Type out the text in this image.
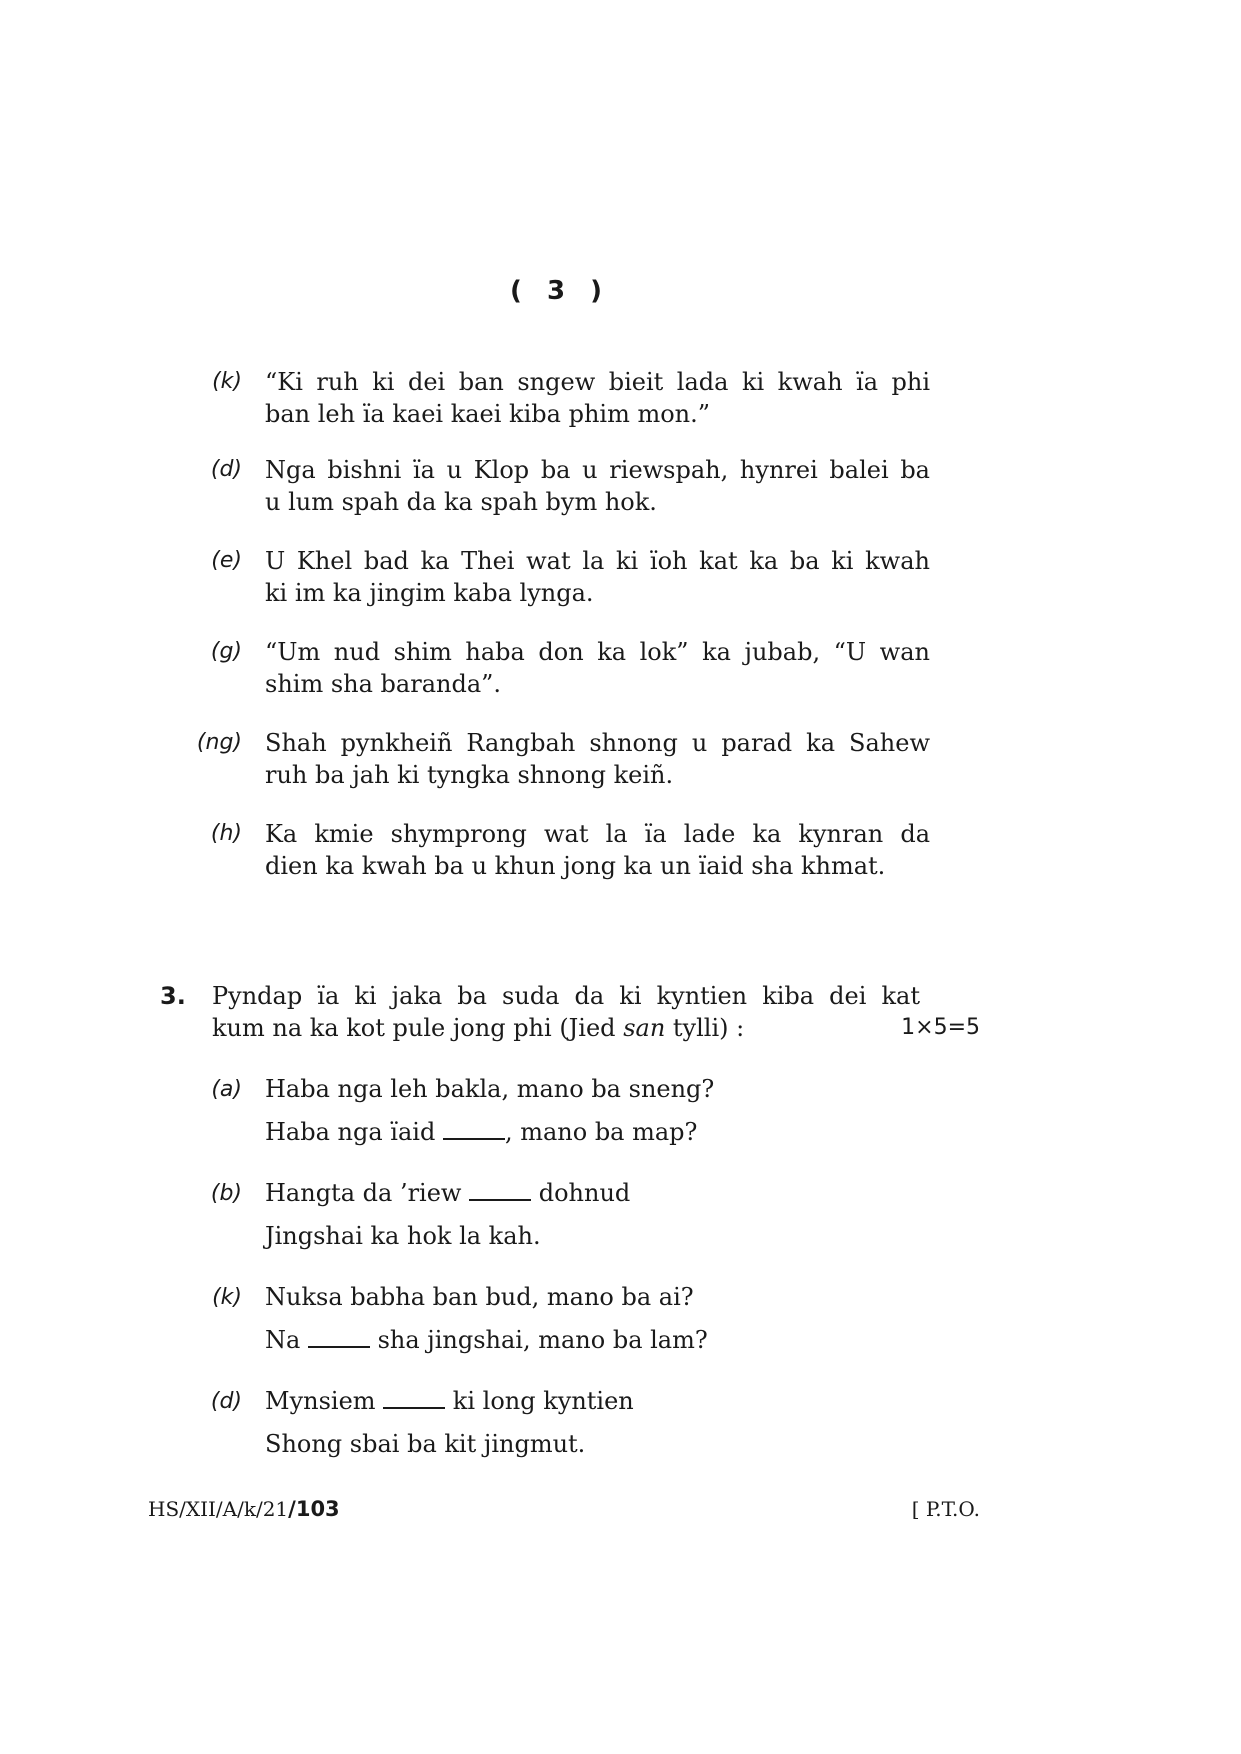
( 3 )
(k) “Ki ruh ki dei ban sngew bieit lada ki kwah ïa phi
ban leh ïa kaei kaei kiba phim mon.”
(d) Nga bishni ïa u Klop ba u riewspah, hynrei balei ba
u lum spah da ka spah bym hok.
(e) U Khel bad ka Thei wat la ki ïoh kat ka ba ki kwah
ki im ka jingim kaba lynga.
(g) “Um nud shim haba don ka lok” ka jubab, “U wan
shim sha baranda”.
(ng) Shah pynkheiñ Rangbah shnong u parad ka Sahew
ruh ba jah ki tyngka shnong keiñ.
(h) Ka kmie shymprong wat la ïa lade ka kynran da
dien ka kwah ba u khun jong ka un ïaid sha khmat.
3. Pyndap ïa ki jaka ba suda da ki kyntien kiba dei kat
kum na ka kot pule jong phi (Jied san tylli) :	1×5=5
(a) Haba nga leh bakla, mano ba sneng?
Haba nga ïaid	, mano ba map?
(b) Hangta da ’riew	dohnud
Jingshai ka hok la kah.
(k) Nuksa babha ban bud, mano ba ai?
Na	sha jingshai, mano ba lam?
(d) Mynsiem	ki long kyntien
Shong sbai ba kit jingmut.
HS/XII/A/k/21/103	[ P.T.O.
